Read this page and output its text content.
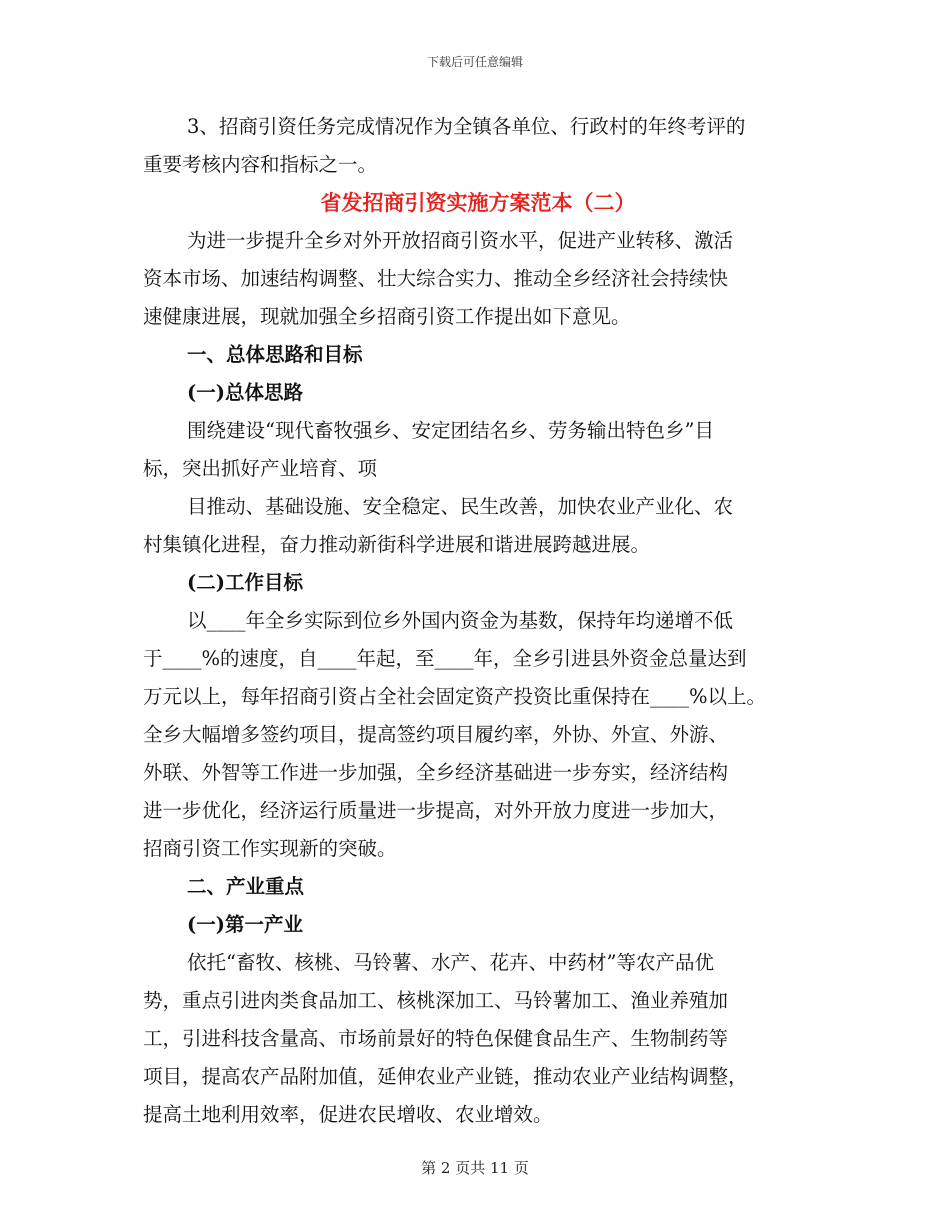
下载后可任意编辑
3、招商引资任务完成情况作为全镇各单位、行政村的年终考评的
重要考核内容和指标之一。
省发招商引资实施方案范本（二）
为进一步提升全乡对外开放招商引资水平，促进产业转移、激活
资本市场、加速结构调整、壮大综合实力、推动全乡经济社会持续快
速健康进展，现就加强全乡招商引资工作提出如下意见。
一、总体思路和目标
(一)总体思路
围绕建设“现代畜牧强乡、安定团结名乡、劳务输出特色乡”目
标，突出抓好产业培育、项
目推动、基础设施、安全稳定、民生改善，加快农业产业化、农
村集镇化进程，奋力推动新街科学进展和谐进展跨越进展。
(二)工作目标
以____年全乡实际到位乡外国内资金为基数，保持年均递增不低
于____%的速度，自____年起，至____年，全乡引进县外资金总量达到
万元以上，每年招商引资占全社会固定资产投资比重保持在____%以上。
全乡大幅增多签约项目，提高签约项目履约率，外协、外宣、外游、
外联、外智等工作进一步加强，全乡经济基础进一步夯实，经济结构
进一步优化，经济运行质量进一步提高，对外开放力度进一步加大，
招商引资工作实现新的突破。
二、产业重点
(一)第一产业
依托“畜牧、核桃、马铃薯、水产、花卉、中药材”等农产品优
势，重点引进肉类食品加工、核桃深加工、马铃薯加工、渔业养殖加
工，引进科技含量高、市场前景好的特色保健食品生产、生物制药等
项目，提高农产品附加值，延伸农业产业链，推动农业产业结构调整，
提高土地利用效率，促进农民增收、农业增效。
第 2 页共 11 页
